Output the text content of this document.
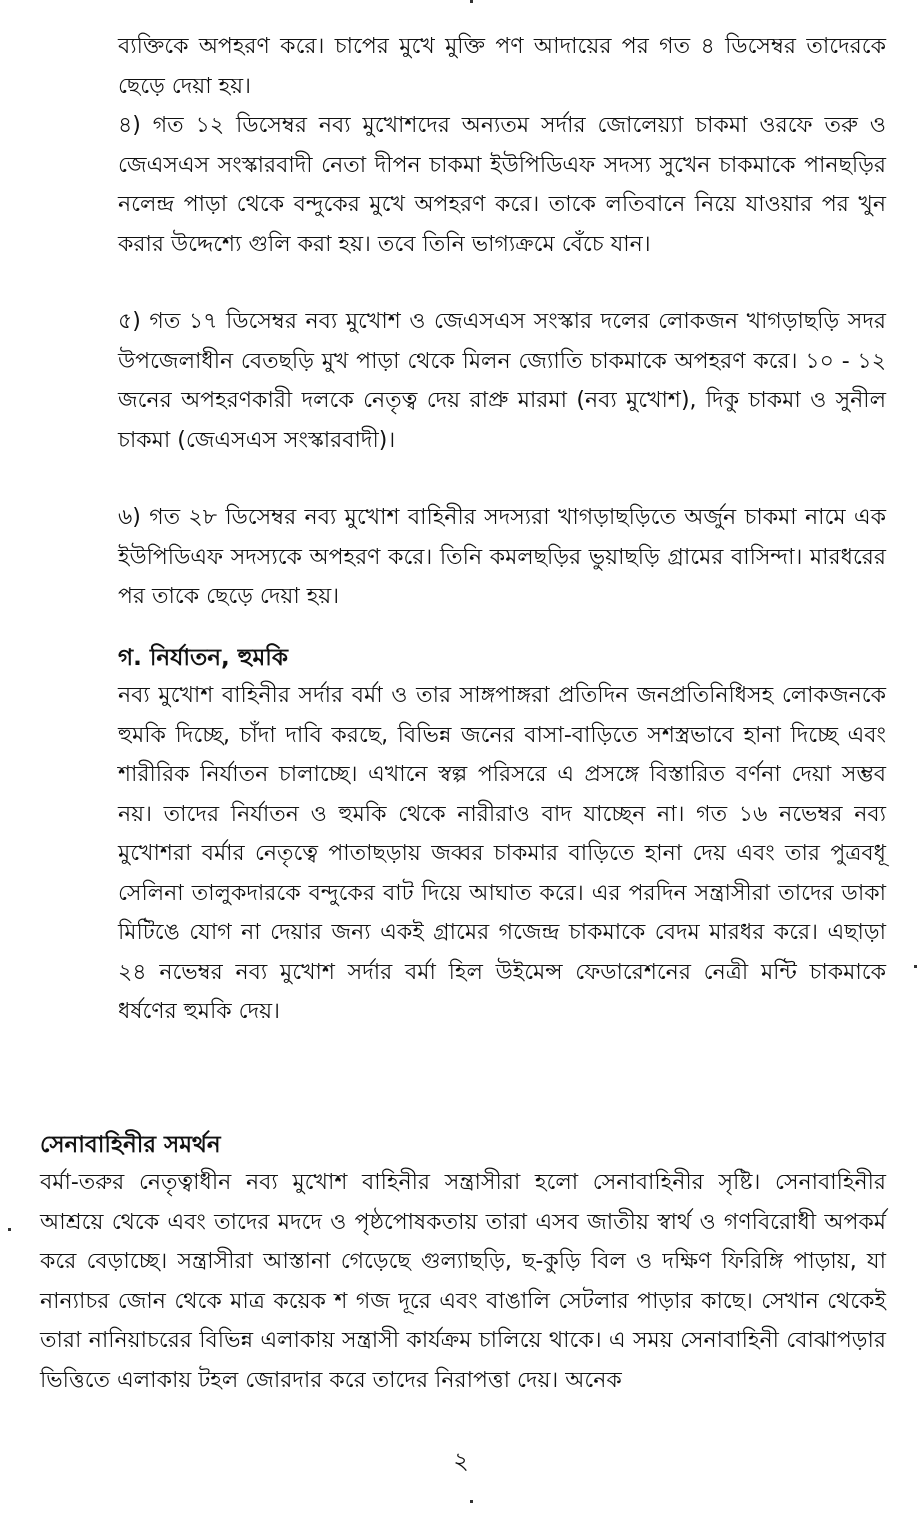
ব্যক্তিকে অপহরণ করে। চাপের মুখে মুক্তি পণ আদায়ের পর গত ৪ ডিসেম্বর তাদেরকে ছেড়ে দেয়া হয়।

৪) গত ১২ ডিসেম্বর নব্য মুখোশদের অন্যতম সর্দার জোলেয়্যা চাকমা ওরফে তরু ও জেএসএস সংস্কারবাদী নেতা দীপন চাকমা ইউপিডিএফ সদস্য সুখেন চাকমাকে পানছড়ির নলেন্দ্র পাড়া থেকে বন্দুকের মুখে অপহরণ করে। তাকে লতিবানে নিয়ে যাওয়ার পর খুন করার উদ্দেশ্যে গুলি করা হয়। তবে তিনি ভাগ্যক্রমে বেঁচে যান।

৫) গত ১৭ ডিসেম্বর নব্য মুখোশ ও জেএসএস সংস্কার দলের লোকজন খাগড়াছড়ি সদর উপজেলাধীন বেতছড়ি মুখ পাড়া থেকে মিলন জ্যোতি চাকমাকে অপহরণ করে। ১০ - ১২ জনের অপহরণকারী দলকে নেতৃত্ব দেয় রাপ্রু মারমা (নব্য মুখোশ), দিকু চাকমা ও সুনীল চাকমা (জেএসএস সংস্কারবাদী)।

৬) গত ২৮ ডিসেম্বর নব্য মুখোশ বাহিনীর সদস্যরা খাগড়াছড়িতে অর্জুন চাকমা নামে এক ইউপিডিএফ সদস্যকে অপহরণ করে। তিনি কমলছড়ির ভুয়াছড়ি গ্রামের বাসিন্দা। মারধরের পর তাকে ছেড়ে দেয়া হয়।

গ. নির্যাতন, হুমকি

নব্য মুখোশ বাহিনীর সর্দার বর্মা ও তার সাঙ্গপাঙ্গরা প্রতিদিন জনপ্রতিনিধিসহ লোকজনকে হুমকি দিচ্ছে, চাঁদা দাবি করছে, বিভিন্ন জনের বাসা-বাড়িতে সশস্ত্রভাবে হানা দিচ্ছে এবং শারীরিক নির্যাতন চালাচ্ছে। এখানে স্বল্প পরিসরে এ প্রসঙ্গে বিস্তারিত বর্ণনা দেয়া সম্ভব নয়। তাদের নির্যাতন ও হুমকি থেকে নারীরাও বাদ যাচ্ছেন না। গত ১৬ নভেম্বর নব্য মুখোশরা বর্মার নেতৃত্বে পাতাছড়ায় জব্বর চাকমার বাড়িতে হানা দেয় এবং তার পুত্রবধূ সেলিনা তালুকদারকে বন্দুকের বাট দিয়ে আঘাত করে। এর পরদিন সন্ত্রাসীরা তাদের ডাকা মিটিঙে যোগ না দেয়ার জন্য একই গ্রামের গজেন্দ্র চাকমাকে বেদম মারধর করে। এছাড়া ২৪ নভেম্বর নব্য মুখোশ সর্দার বর্মা হিল উইমেন্স ফেডারেশনের নেত্রী মন্টি চাকমাকে ধর্ষণের হুমকি দেয়।

সেনাবাহিনীর সমর্থন

বর্মা-তরুর নেতৃত্বাধীন নব্য মুখোশ বাহিনীর সন্ত্রাসীরা হলো সেনাবাহিনীর সৃষ্টি। সেনাবাহিনীর আশ্রয়ে থেকে এবং তাদের মদদে ও পৃষ্ঠপোষকতায় তারা এসব জাতীয় স্বার্থ ও গণবিরোধী অপকর্ম করে বেড়াচ্ছে। সন্ত্রাসীরা আস্তানা গেড়েছে গুল্যাছড়ি, ছ-কুড়ি বিল ও দক্ষিণ ফিরিঙ্গি পাড়ায়, যা নান্যাচর জোন থেকে মাত্র কয়েক শ গজ দূরে এবং বাঙালি সেটলার পাড়ার কাছে। সেখান থেকেই তারা নানিয়াচরের বিভিন্ন এলাকায় সন্ত্রাসী কার্যক্রম চালিয়ে থাকে। এ সময় সেনাবাহিনী বোঝাপড়ার ভিত্তিতে এলাকায় টহল জোরদার করে তাদের নিরাপত্তা দেয়। অনেক

২
